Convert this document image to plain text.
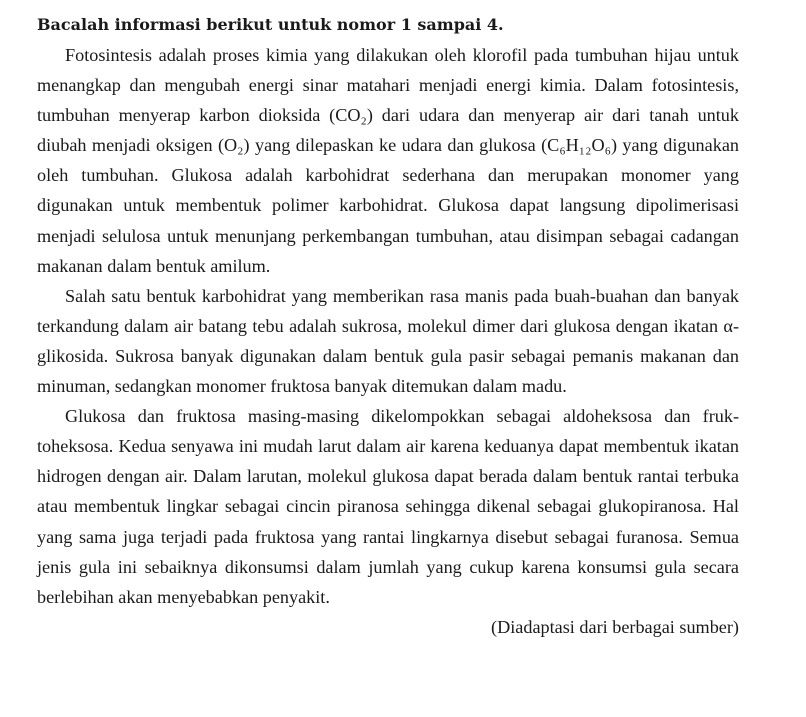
Bacalah informasi berikut untuk nomor 1 sampai 4.

Fotosintesis adalah proses kimia yang dilakukan oleh klorofil pada tumbuhan hijau untuk menangkap dan mengubah energi sinar matahari menjadi energi kimia. Dalam fotosintesis, tumbuhan menyerap karbon dioksida (CO₂) dari udara dan menyerap air dari tanah untuk diubah menjadi oksigen (O₂) yang dilepaskan ke udara dan glukosa (C₆H₁₂O₆) yang digunakan oleh tumbuhan. Glukosa adalah karbohidrat sederhana dan merupakan monomer yang digunakan untuk membentuk polimer karbohidrat. Glukosa dapat langsung dipolimerisasi menjadi selulosa untuk menunjang perkembangan tumbuhan, atau disimpan sebagai cadangan makanan dalam bentuk amilum.

Salah satu bentuk karbohidrat yang memberikan rasa manis pada buah-buahan dan banyak terkandung dalam air batang tebu adalah sukrosa, molekul dimer dari glukosa dengan ikatan α-glikosida. Sukrosa banyak digunakan dalam bentuk gula pasir sebagai pemanis makanan dan minuman, sedangkan monomer fruktosa banyak ditemukan dalam madu.

Glukosa dan fruktosa masing-masing dikelompokkan sebagai aldoheksosa dan fruktoheksosa. Kedua senyawa ini mudah larut dalam air karena keduanya dapat membentuk ikatan hidrogen dengan air. Dalam larutan, molekul glukosa dapat berada dalam bentuk rantai terbuka atau membentuk lingkar sebagai cincin piranosa sehingga dikenal sebagai glukopiranosa. Hal yang sama juga terjadi pada fruktosa yang rantai lingkarnya disebut sebagai furanosa. Semua jenis gula ini sebaiknya dikonsumsi dalam jumlah yang cukup karena konsumsi gula secara berlebihan akan menyebabkan penyakit.

(Diadaptasi dari berbagai sumber)
